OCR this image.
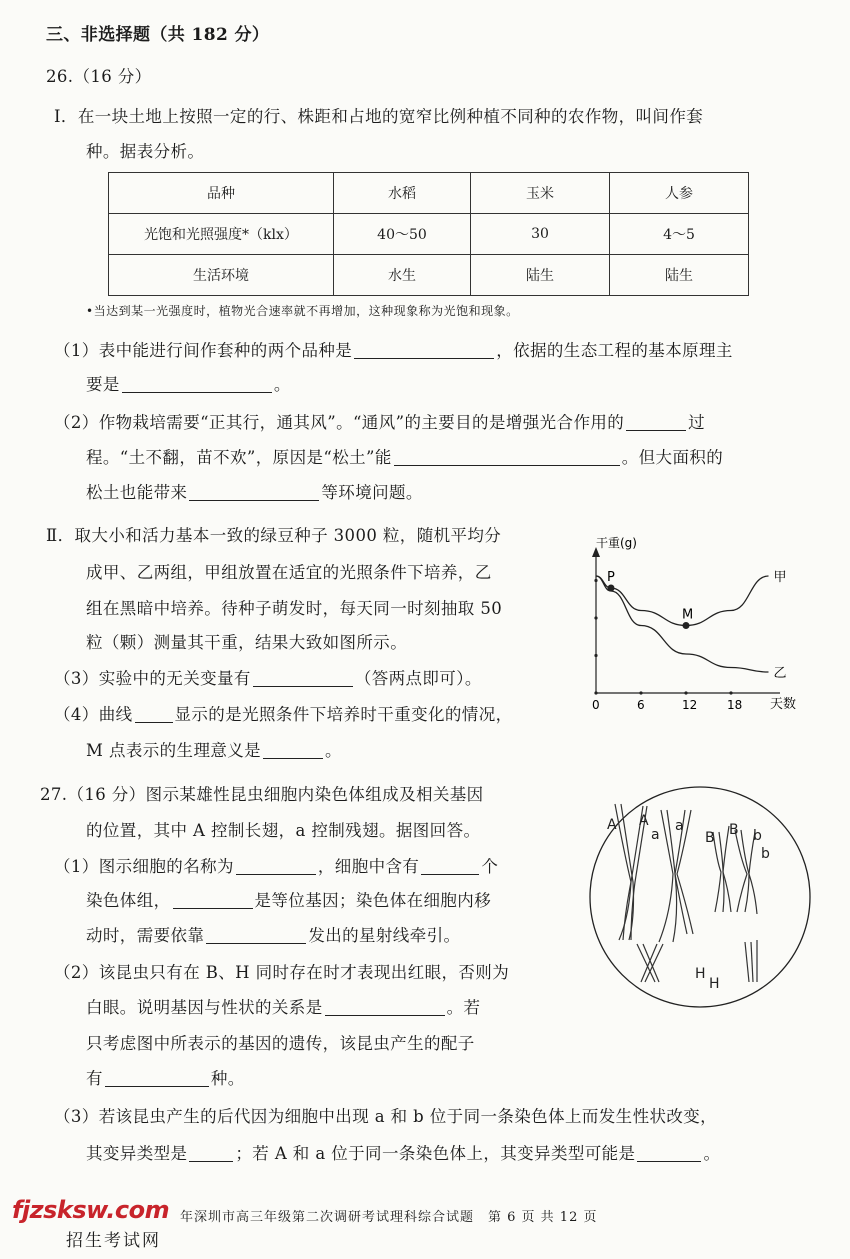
三、非选择题（共 182 分）
26.（16 分）
Ⅰ．在一块土地上按照一定的行、株距和占地的宽窄比例种植不同种的农作物，叫间作套
种。据表分析。
品种	水稻	玉米	人参
光饱和光照强度*（klx）	40～50	30	4～5
生活环境	水生	陆生	陆生
•当达到某一光强度时，植物光合速率就不再增加，这种现象称为光饱和现象。
（1）表中能进行间作套种的两个品种是	，依据的生态工程的基本原理主
要是	。
（2）作物栽培需要“正其行，通其风”。“通风”的主要目的是增强光合作用的	过
程。“土不翻，苗不欢”，原因是“松土”能	。但大面积的
松土也能带来	等环境问题。
Ⅱ．取大小和活力基本一致的绿豆种子 3000 粒，随机平均分
成甲、乙两组，甲组放置在适宜的光照条件下培养，乙
组在黑暗中培养。待种子萌发时，每天同一时刻抽取 50
粒（颗）测量其干重，结果大致如图所示。
（3）实验中的无关变量有	（答两点即可）。
（4）曲线	显示的是光照条件下培养时干重变化的情况，
M 点表示的生理意义是	。
干重(g)
天数
0	6	12 18
甲
乙
P
M
27.（16 分）图示某雄性昆虫细胞内染色体组成及相关基因
的位置，其中 A 控制长翅，a 控制残翅。据图回答。
（1）图示细胞的名称为	，细胞中含有	个
染色体组，	是等位基因；染色体在细胞内移
动时，需要依靠	发出的星射线牵引。
（2）该昆虫只有在 B、H 同时存在时才表现出红眼，否则为
白眼。说明基因与性状的关系是	。若
只考虑图中所表示的基因的遗传，该昆虫产生的配子
有	种。
（3）若该昆虫产生的后代因为细胞中出现 a 和 b 位于同一条染色体上而发生性状改变，
其变异类型是	；若 A 和 a 位于同一条染色体上，其变异类型可能是	。
A A
a
a
B B b
b
H
H
fjzsksw.com
招生考试网
年深圳市高三年级第二次调研考试理科综合试题　第 6 页 共 12 页
